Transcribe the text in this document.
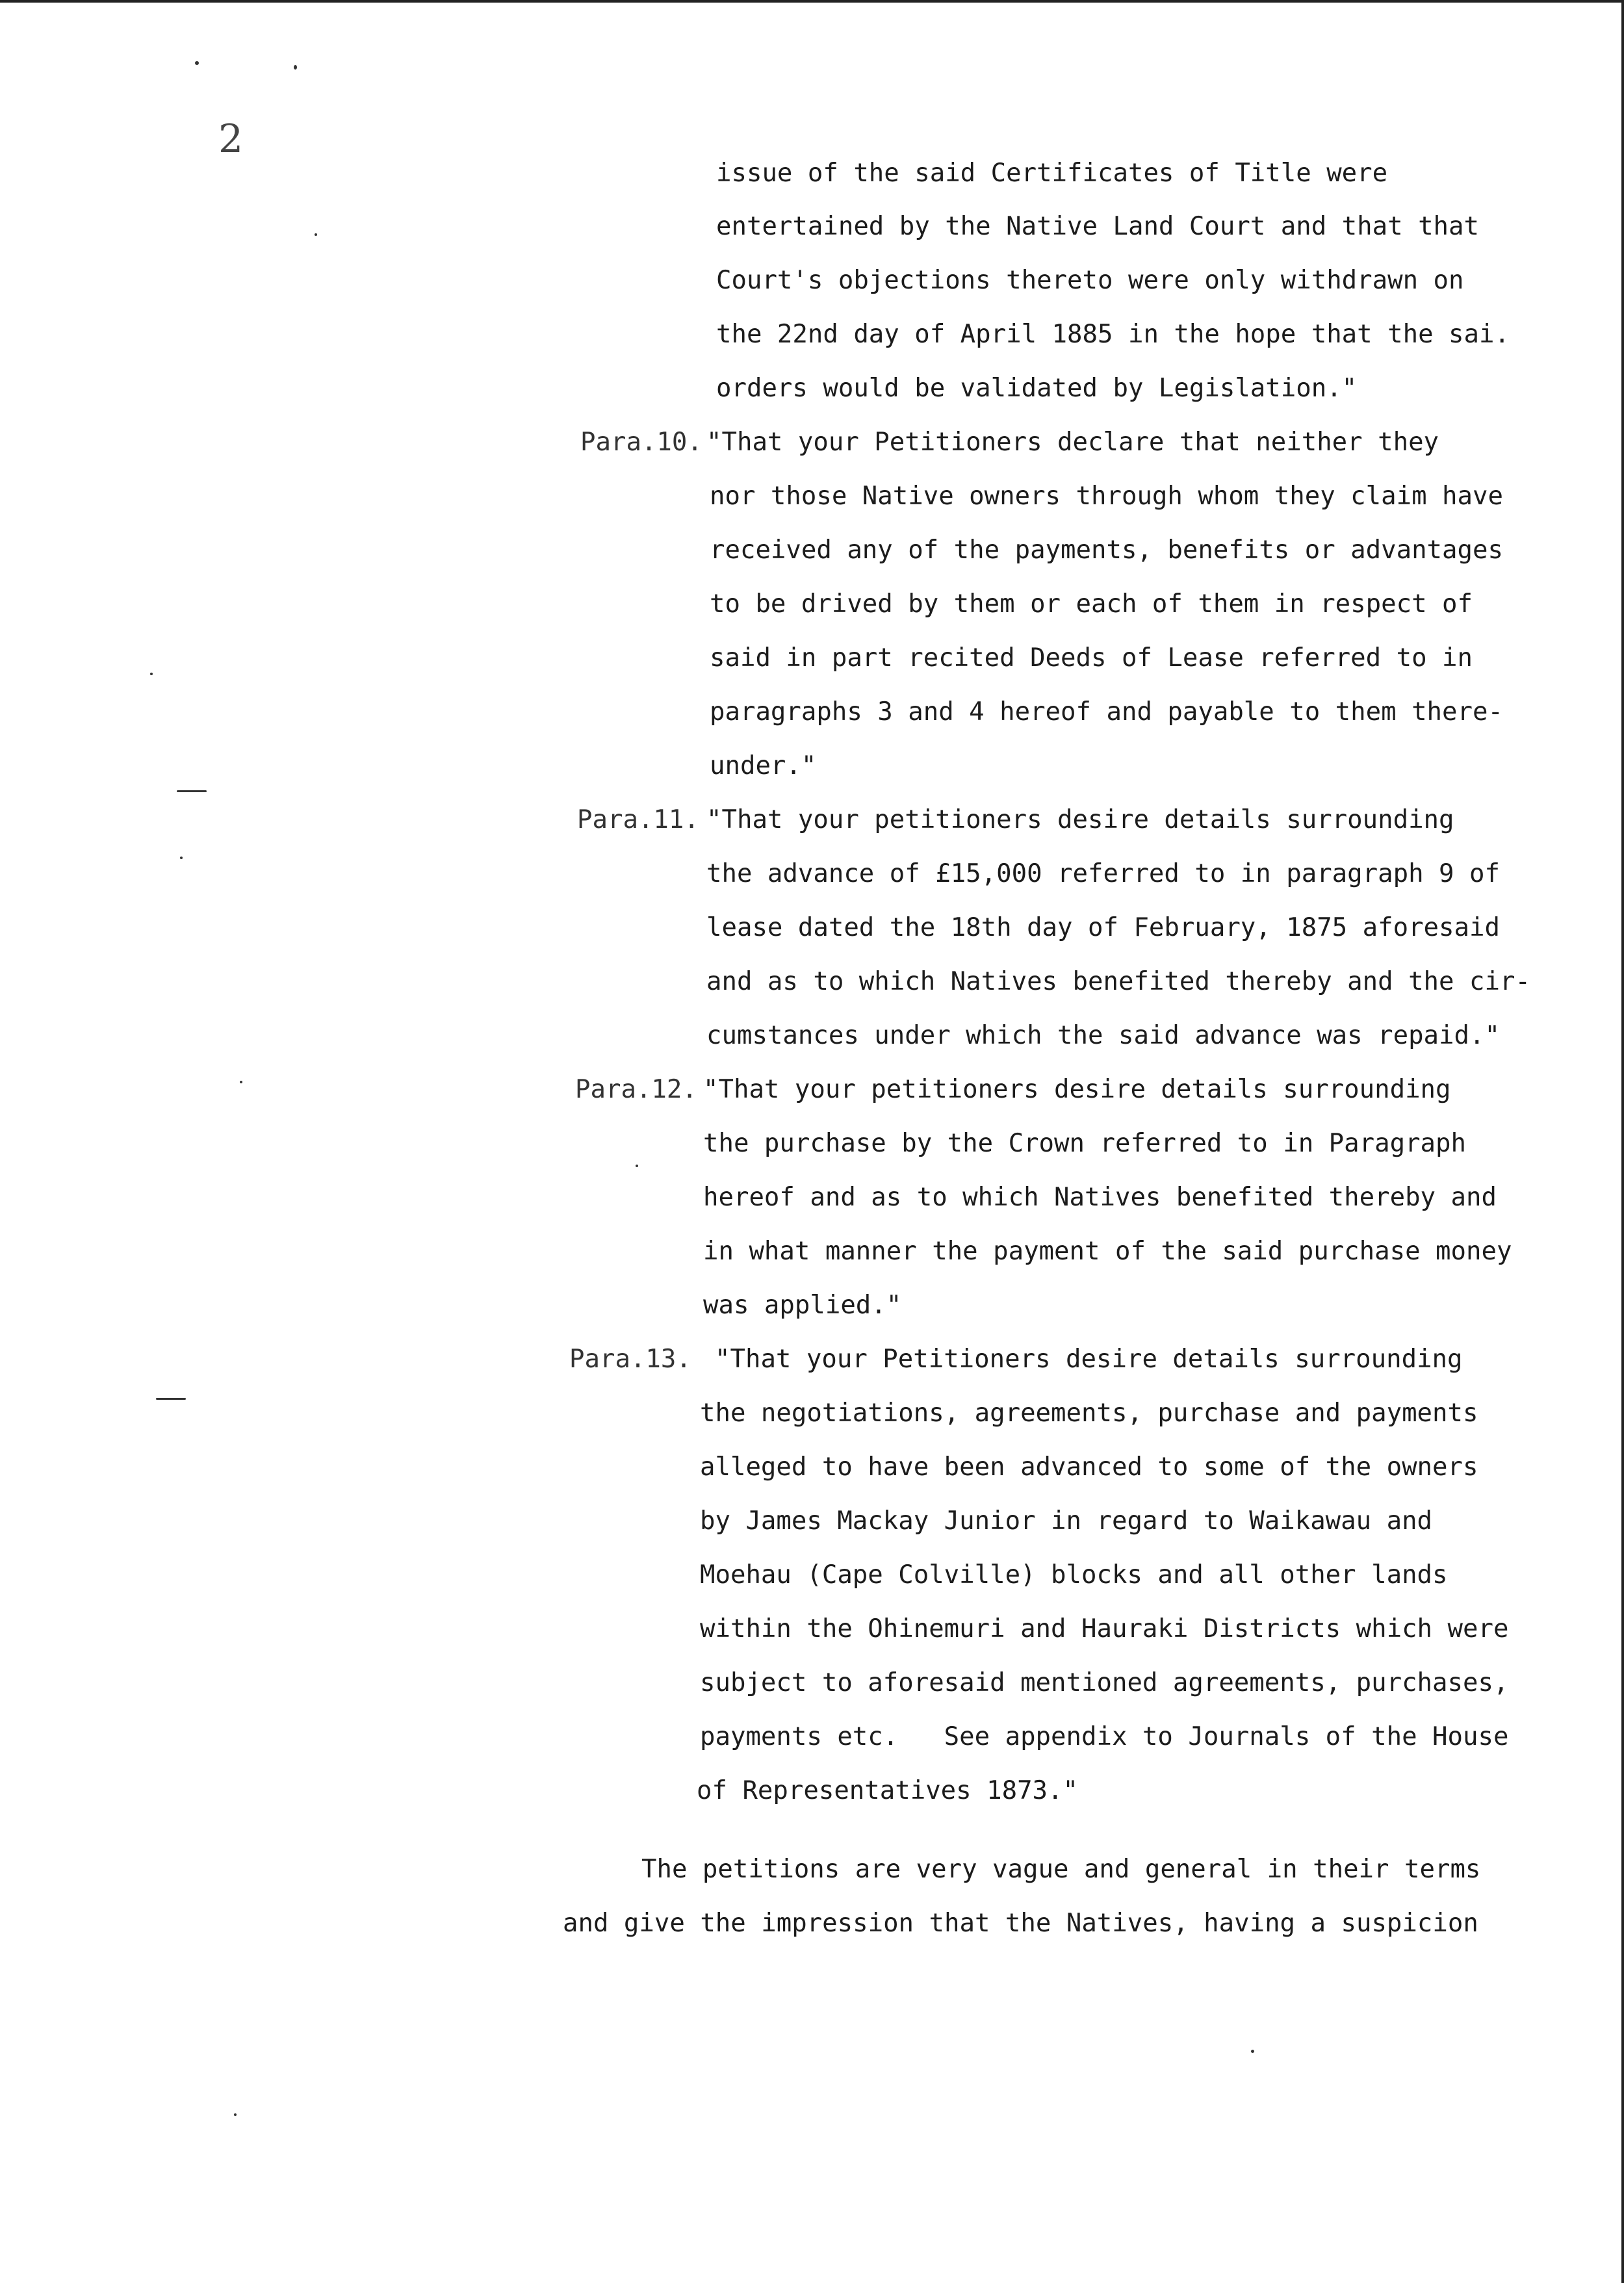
2
issue of the said Certificates of Title were
entertained by the Native Land Court and that that
Court's objections thereto were only withdrawn on
the 22nd day of April 1885 in the hope that the sai.
orders would be validated by Legislation."
Para.10. "That your Petitioners declare that neither they
nor those Native owners through whom they claim have
received any of the payments, benefits or advantages
to be drived by them or each of them in respect of
said in part recited Deeds of Lease referred to in
paragraphs 3 and 4 hereof and payable to them there-
under."
Para.11. "That your petitioners desire details surrounding
the advance of £15,000 referred to in paragraph 9 of
lease dated the 18th day of February, 1875 aforesaid
and as to which Natives benefited thereby and the cir-
cumstances under which the said advance was repaid."
Para.12. "That your petitioners desire details surrounding
the purchase by the Crown referred to in Paragraph
hereof and as to which Natives benefited thereby and
in what manner the payment of the said purchase money
was applied."
Para.13. "That your Petitioners desire details surrounding
the negotiations, agreements, purchase and payments
alleged to have been advanced to some of the owners
by James Mackay Junior in regard to Waikawau and
Moehau (Cape Colville) blocks and all other lands
within the Ohinemuri and Hauraki Districts which were
subject to aforesaid mentioned agreements, purchases,
payments etc.   See appendix to Journals of the House
of Representatives 1873."
The petitions are very vague and general in their terms
and give the impression that the Natives, having a suspicion
